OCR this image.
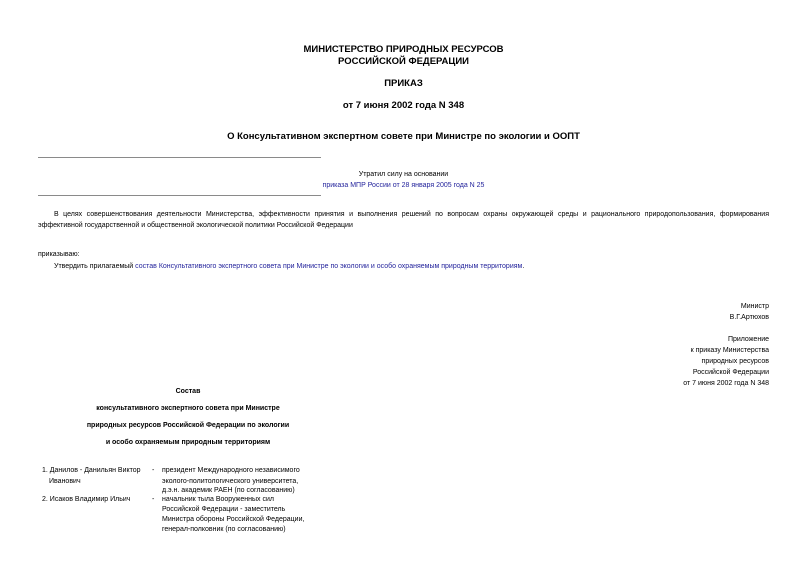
МИНИСТЕРСТВО ПРИРОДНЫХ РЕСУРСОВ
РОССИЙСКОЙ ФЕДЕРАЦИИ
ПРИКАЗ
от 7 июня 2002 года N 348
О Консультативном экспертном совете при Министре по экологии и ООПТ
Утратил силу на основании
приказа МПР России от 28 января 2005 года N 25
В целях совершенствования деятельности Министерства, эффективности принятия и выполнения решений по вопросам охраны окружающей среды и рационального природопользования, формирования эффективной государственной и общественной экологической политики Российской Федерации
приказываю:
Утвердить прилагаемый состав Консультативного экспертного совета при Министре по экологии и особо охраняемым природным территориям.
Министр
В.Г.Артюхов
Приложение
к приказу Министерства
природных ресурсов
Российской Федерации
от 7 июня 2002 года N 348
Состав
консультативного экспертного совета при Министре
природных ресурсов Российской Федерации по экологии
и особо охраняемым природным территориям
1. Данилов - Данильян Виктор
Иванович
- президент Международного независимого
эколого-политологического университета,
д.э.н. академик РАЕН (по согласованию)
2. Исаков Владимир Ильич	- начальник тыла Вооруженных сил
Российской Федерации - заместитель
Министра обороны Российской Федерации,
генерал-полковник (по согласованию)
